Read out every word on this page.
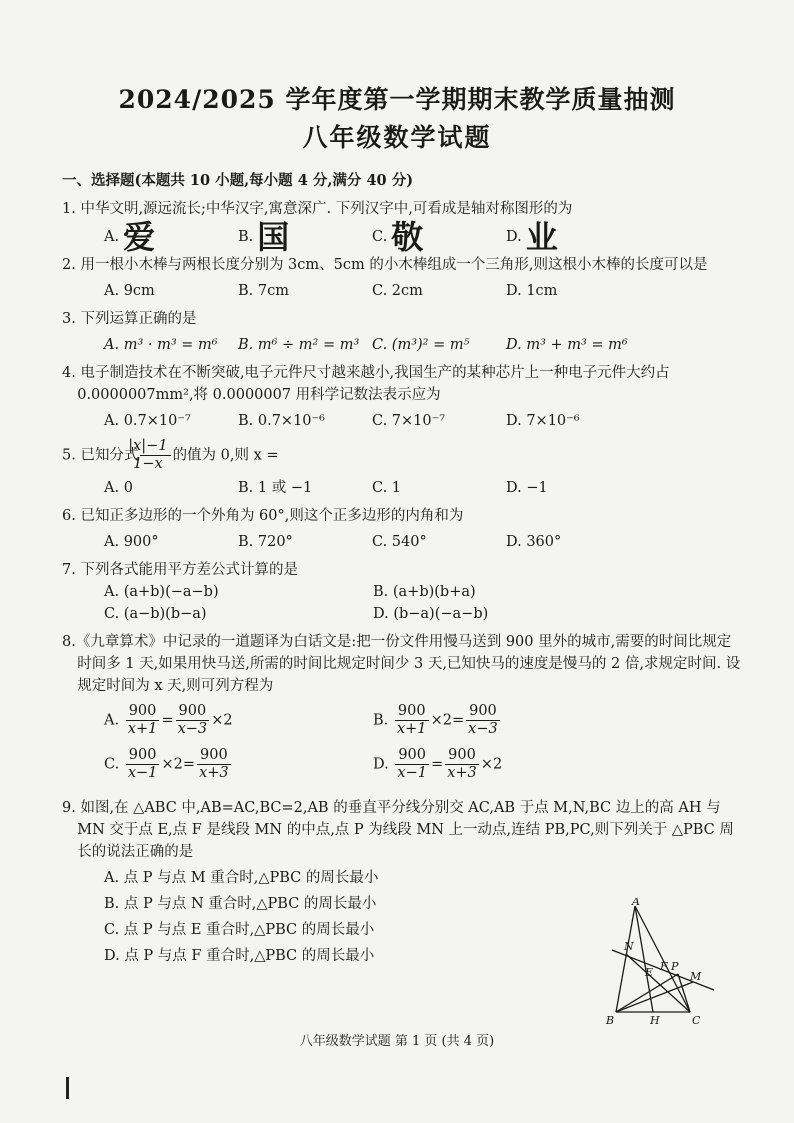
2024/2025 学年度第一学期期末教学质量抽测
八年级数学试题
一、选择题(本题共 10 小题,每小题 4 分,满分 40 分)
1. 中华文明,源远流长;中华汉字,寓意深广. 下列汉字中,可看成是轴对称图形的为
A. 爱	B. 国	C. 敬	D. 业
2. 用一根小木棒与两根长度分别为 3cm、5cm 的小木棒组成一个三角形,则这根小木棒的长度可以是
A. 9cm	B. 7cm	C. 2cm	D. 1cm
3. 下列运算正确的是
A. m³ · m³ = m⁶	B. m⁶ ÷ m² = m³ C. (m³)² = m⁵	D. m³ + m³ = m⁶
4. 电子制造技术在不断突破,电子元件尺寸越来越小,我国生产的某种芯片上一种电子元件大约占 0.0000007mm²,将 0.0000007 用科学记数法表示应为
A. 0.7×10⁻⁷	B. 0.7×10⁻⁶	C. 7×10⁻⁷	D. 7×10⁻⁶
5. 已知分式 $\frac{|x|-1}{1-x}$ 的值为 0,则 x =
A. 0	B. 1 或 −1	C. 1	D. −1
6. 已知正多边形的一个外角为 60°,则这个正多边形的内角和为
A. 900°	B. 720°	C. 540°	D. 360°
7. 下列各式能用平方差公式计算的是
A. (a+b)(−a−b)	B. (a+b)(b+a)
C. (a−b)(b−a)	D. (b−a)(−a−b)
8.《九章算术》中记录的一道题译为白话文是:把一份文件用慢马送到 900 里外的城市,需要的时间比规定时间多 1 天,如果用快马送,所需的时间比规定时间少 3 天,已知快马的速度是慢马的 2 倍,求规定时间. 设规定时间为 x 天,则可列方程为
A. $\frac{900}{x+1} = \frac{900}{x-3} \times 2$	B. $\frac{900}{x+1} \times 2= \frac{900}{x-3}$
C. $\frac{900}{x-1} \times 2= \frac{900}{x+3}$	D. $\frac{900}{x-1} = \frac{900}{x+3} \times 2$
9. 如图,在 △ABC 中,AB=AC,BC=2,AB 的垂直平分线分别交 AC,AB 于点 M,N,BC 边上的高 AH 与 MN 交于点 E,点 F 是线段 MN 的中点,点 P 为线段 MN 上一动点,连结 PB,PC,则下列关于 △PBC 周长的说法正确的是
A. 点 P 与点 M 重合时,△PBC 的周长最小
B. 点 P 与点 N 重合时,△PBC 的周长最小
C. 点 P 与点 E 重合时,△PBC 的周长最小
D. 点 P 与点 F 重合时,△PBC 的周长最小
A
B	C
H
N
E F P
M
八年级数学试题 第 1 页 (共 4 页)
